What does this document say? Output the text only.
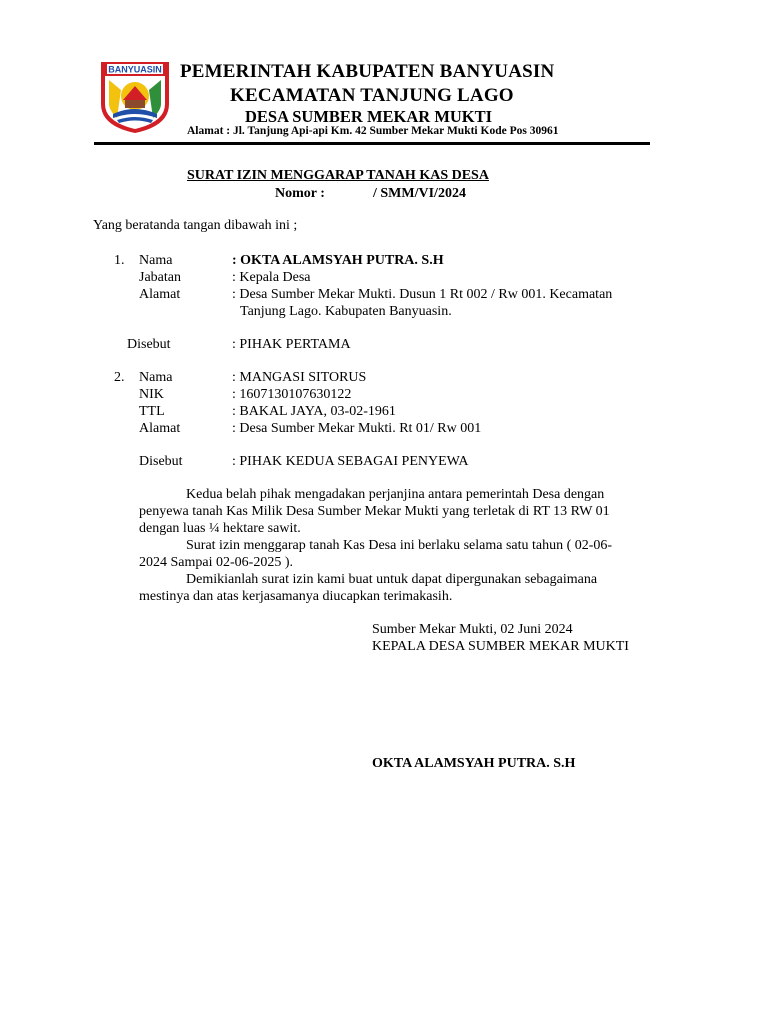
BANYUASIN PEMERINTAH KABUPATEN BANYUASIN
KECAMATAN TANJUNG LAGO
DESA SUMBER MEKAR MUKTI
Alamat : Jl. Tanjung Api-api Km. 42 Sumber Mekar Mukti Kode Pos 30961
SURAT IZIN MENGGARAP TANAH KAS DESA
Nomor :	/ SMM/VI/2024
Yang beratanda tangan dibawah ini ;
1. Nama	: OKTA ALAMSYAH PUTRA. S.H
Jabatan	: Kepala Desa
Alamat	: Desa Sumber Mekar Mukti. Dusun 1 Rt 002 / Rw 001. Kecamatan
Tanjung Lago. Kabupaten Banyuasin.
Disebut	: PIHAK PERTAMA
2. Nama	: MANGASI SITORUS
NIK	: 1607130107630122
TTL	: BAKAL JAYA, 03-02-1961
Alamat	: Desa Sumber Mekar Mukti. Rt 01/ Rw 001
Disebut	: PIHAK KEDUA SEBAGAI PENYEWA
Kedua belah pihak mengadakan perjanjina antara pemerintah Desa dengan
penyewa tanah Kas Milik Desa Sumber Mekar Mukti yang terletak di RT 13 RW 01
dengan luas ¼ hektare sawit.
Surat izin menggarap tanah Kas Desa ini berlaku selama satu tahun ( 02-06-
2024 Sampai 02-06-2025 ).
Demikianlah surat izin kami buat untuk dapat dipergunakan sebagaimana
mestinya dan atas kerjasamanya diucapkan terimakasih.
Sumber Mekar Mukti, 02 Juni 2024
KEPALA DESA SUMBER MEKAR MUKTI
OKTA ALAMSYAH PUTRA. S.H
